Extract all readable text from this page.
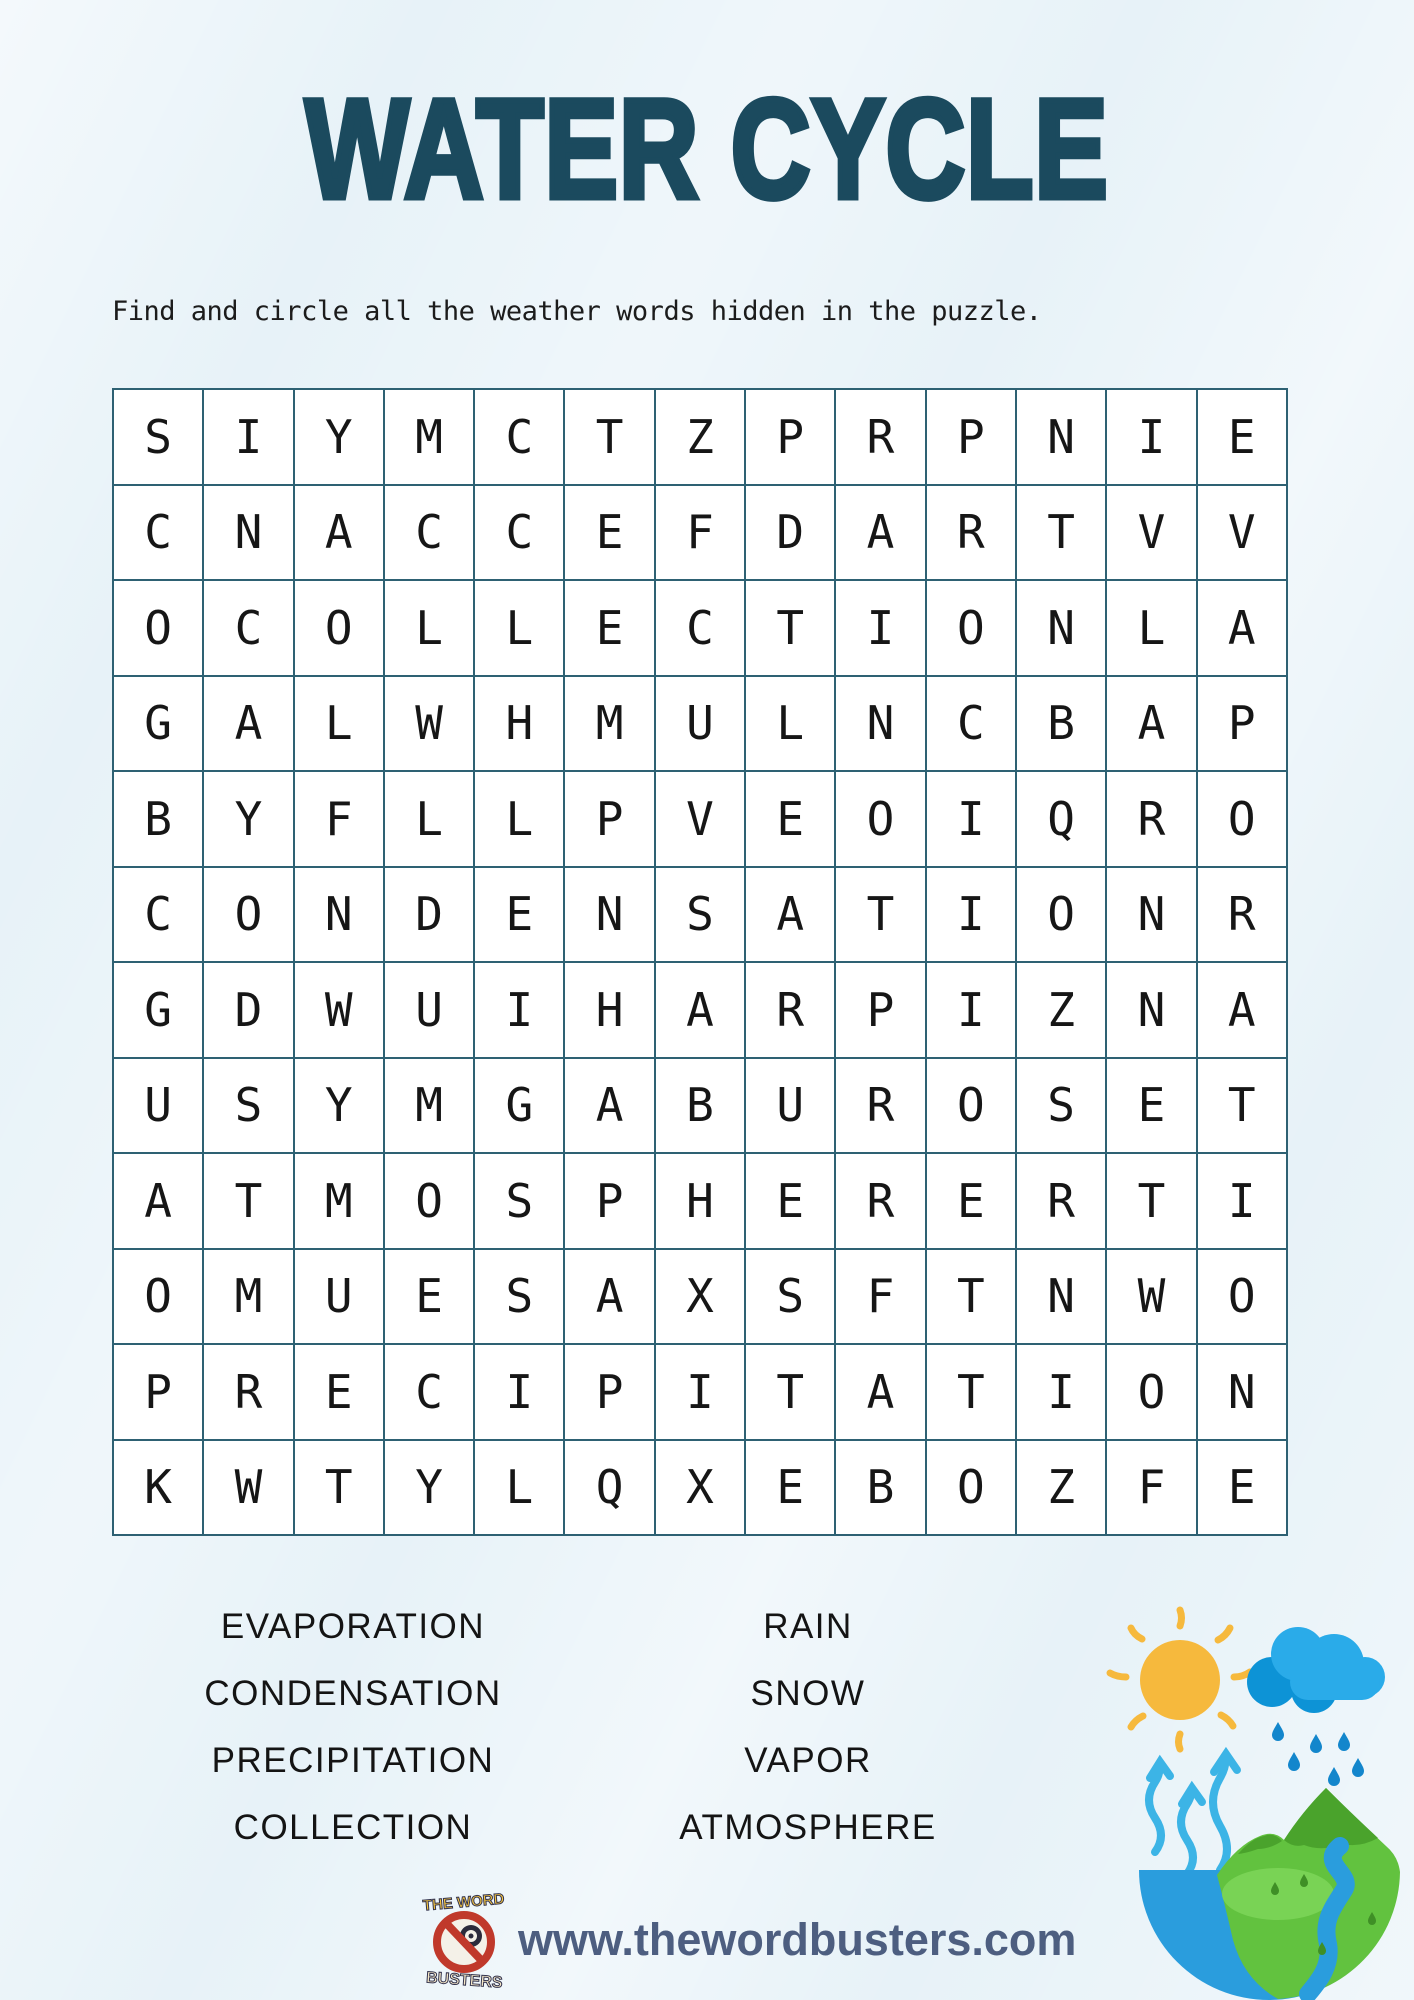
WATER CYCLE
Find and circle all the weather words hidden in the puzzle.
S	I	Y	M	C	T	Z	P	R	P	N	I	E
C	N	A	C	C	E	F	D	A	R	T	V	V
O	C	O	L	L	E	C	T	I	O	N	L	A
G	A	L	W	H	M	U	L	N	C	B	A	P
B	Y	F	L	L	P	V	E	O	I	Q	R	O
C	O	N	D	E	N	S	A	T	I	O	N	R
G	D	W	U	I	H	A	R	P	I	Z	N	A
U	S	Y	M	G	A	B	U	R	O	S	E	T
A	T	M	O	S	P	H	E	R	E	R	T	I
O	M	U	E	S	A	X	S	F	T	N	W	O
P	R	E	C	I	P	I	T	A	T	I	O	N
K	W	T	Y	L	Q	X	E	B	O	Z	F	E
EVAPORATION
CONDENSATION
PRECIPITATION
COLLECTION
RAIN
SNOW
VAPOR
ATMOSPHERE
THE WORD
BUSTERS
www.thewordbusters.com
